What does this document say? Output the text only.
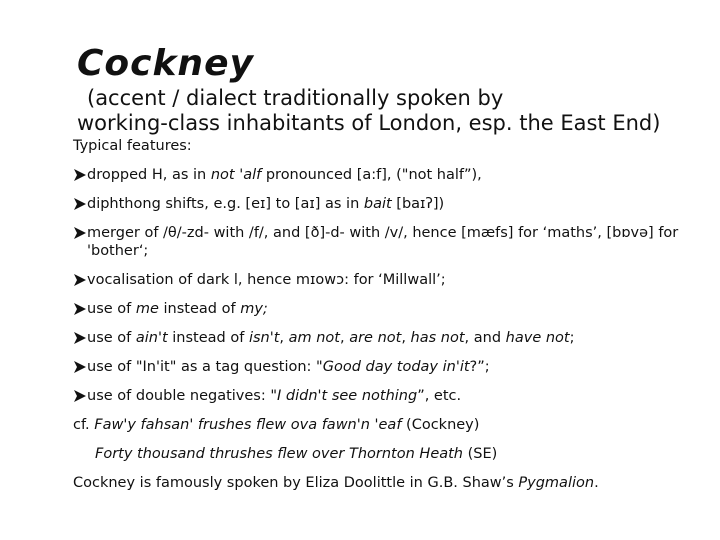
Cockney

(accent / dialect traditionally spoken by
working-class inhabitants of London, esp. the East End)

Typical features:

dropped H, as in not 'alf pronounced [a:f], ("not half”),
diphthong shifts, e.g. [eɪ] to [aɪ] as in bait [baɪʔ])
merger of /θ/-zd- with /f/, and [ð]-d- with /v/, hence [mæfs] for ‘maths’, [bɒvə] for 'bother‘;
vocalisation of dark l, hence mɪowɔ: for ‘Millwall’;
use of me instead of my;
use of ain't instead of isn't, am not, are not, has not, and have not;
use of "In'it" as a tag question: "Good day today in'it?”;
use of double negatives: "I didn't see nothing”, etc.

cf. Faw'y fahsan' frushes flew ova fawn'n 'eaf (Cockney)

Forty thousand thrushes flew over Thornton Heath (SE)

Cockney is famously spoken by Eliza Doolittle in G.B. Shaw’s Pygmalion.
